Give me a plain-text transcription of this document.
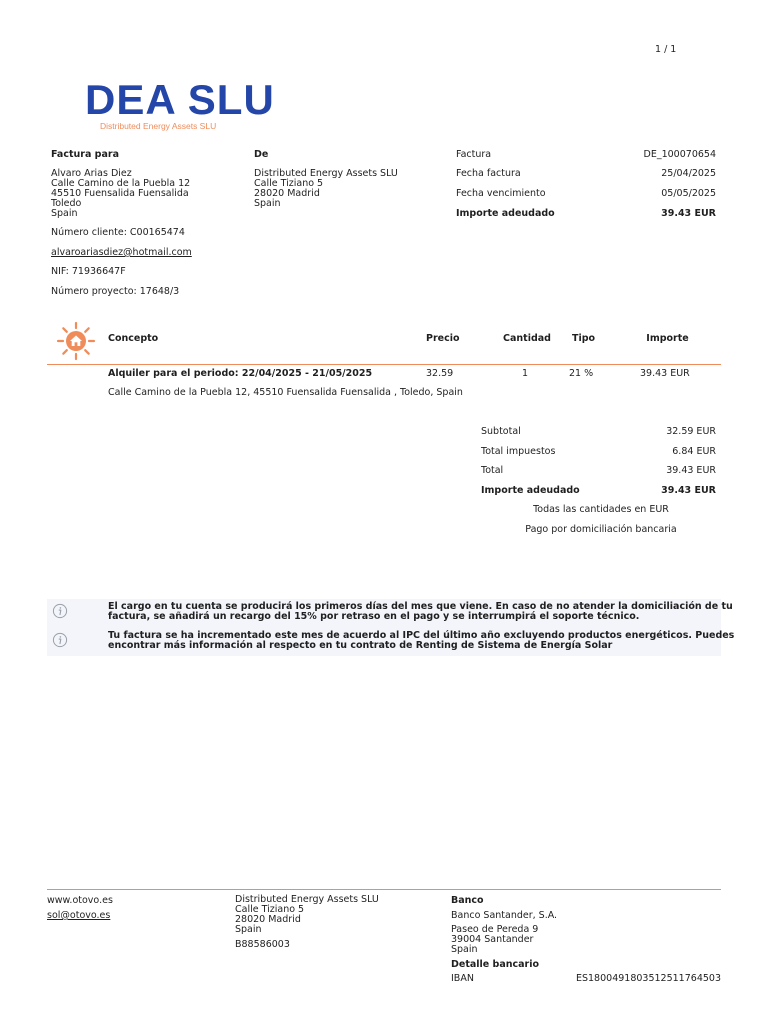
1 / 1
DEA SLU
Distributed Energy Assets SLU
Factura para
Alvaro Arias Diez
Calle Camino de la Puebla 12
45510 Fuensalida Fuensalida
Toledo
Spain
Número cliente: C00165474
alvaroariasdiez@hotmail.com
NIF: 71936647F
Número proyecto: 17648/3
De
Distributed Energy Assets SLU
Calle Tiziano 5
28020 Madrid
Spain
Factura	DE_100070654
Fecha factura	25/04/2025
Fecha vencimiento	05/05/2025
Importe adeudado	39.43 EUR
Concepto	Precio	Cantidad	Tipo	Importe
Alquiler para el periodo: 22/04/2025 - 21/05/2025	32.59	1	21 %	39.43 EUR
Calle Camino de la Puebla 12, 45510 Fuensalida Fuensalida , Toledo, Spain
Subtotal	32.59 EUR
Total impuestos	6.84 EUR
Total	39.43 EUR
Importe adeudado	39.43 EUR
Todas las cantidades en EUR
Pago por domiciliación bancaria
El cargo en tu cuenta se producirá los primeros días del mes que viene. En caso de no atender la domiciliación de tu
factura, se añadirá un recargo del 15% por retraso en el pago y se interrumpirá el soporte técnico.
Tu factura se ha incrementado este mes de acuerdo al IPC del último año excluyendo productos energéticos. Puedes
encontrar más información al respecto en tu contrato de Renting de Sistema de Energía Solar
www.otovo.es
sol@otovo.es
Distributed Energy Assets SLU
Calle Tiziano 5
28020 Madrid
Spain
B88586003
Banco
Banco Santander, S.A.
Paseo de Pereda 9
39004 Santander
Spain
Detalle bancario
IBAN	ES1800491803512511764503
